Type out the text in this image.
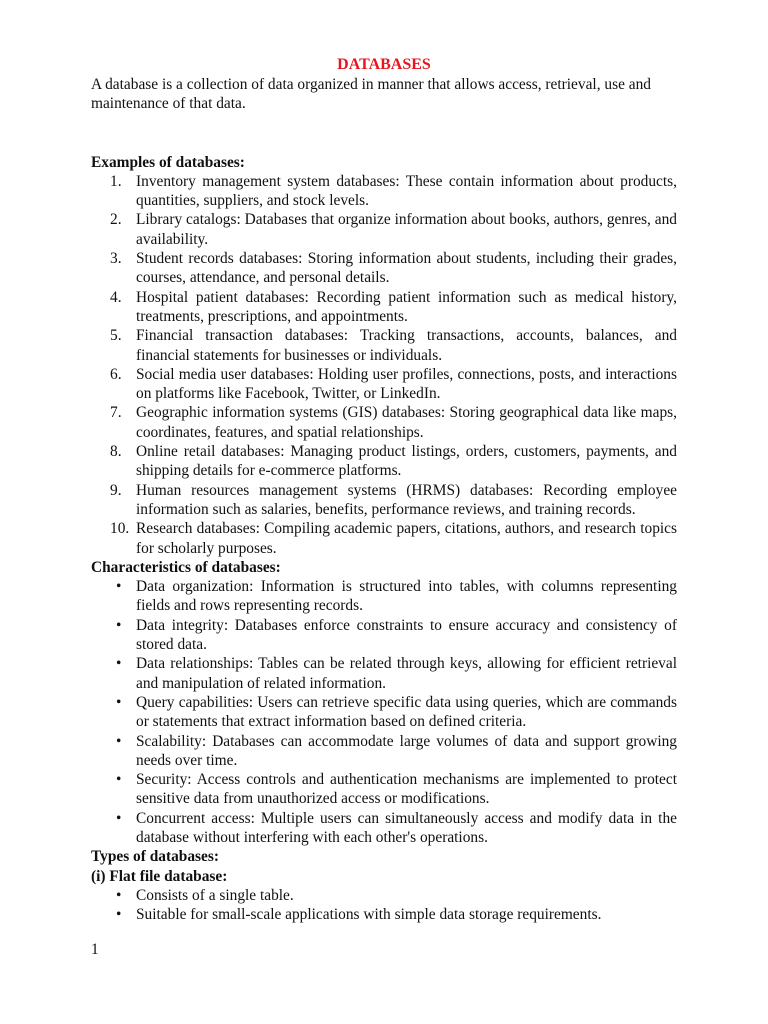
DATABASES

A database is a collection of data organized in manner that allows access, retrieval, use and maintenance of that data.

Examples of databases:

1. Inventory management system databases: These contain information about products, quantities, suppliers, and stock levels.
2. Library catalogs: Databases that organize information about books, authors, genres, and availability.
3. Student records databases: Storing information about students, including their grades, courses, attendance, and personal details.
4. Hospital patient databases: Recording patient information such as medical history, treatments, prescriptions, and appointments.
5. Financial transaction databases: Tracking transactions, accounts, balances, and financial statements for businesses or individuals.
6. Social media user databases: Holding user profiles, connections, posts, and interactions on platforms like Facebook, Twitter, or LinkedIn.
7. Geographic information systems (GIS) databases: Storing geographical data like maps, coordinates, features, and spatial relationships.
8. Online retail databases: Managing product listings, orders, customers, payments, and shipping details for e-commerce platforms.
9. Human resources management systems (HRMS) databases: Recording employee information such as salaries, benefits, performance reviews, and training records.
10. Research databases: Compiling academic papers, citations, authors, and research topics for scholarly purposes.

Characteristics of databases:

• Data organization: Information is structured into tables, with columns representing fields and rows representing records.
• Data integrity: Databases enforce constraints to ensure accuracy and consistency of stored data.
• Data relationships: Tables can be related through keys, allowing for efficient retrieval and manipulation of related information.
• Query capabilities: Users can retrieve specific data using queries, which are commands or statements that extract information based on defined criteria.
• Scalability: Databases can accommodate large volumes of data and support growing needs over time.
• Security: Access controls and authentication mechanisms are implemented to protect sensitive data from unauthorized access or modifications.
• Concurrent access: Multiple users can simultaneously access and modify data in the database without interfering with each other's operations.

Types of databases:

(i) Flat file database:

• Consists of a single table.
• Suitable for small-scale applications with simple data storage requirements.

1
